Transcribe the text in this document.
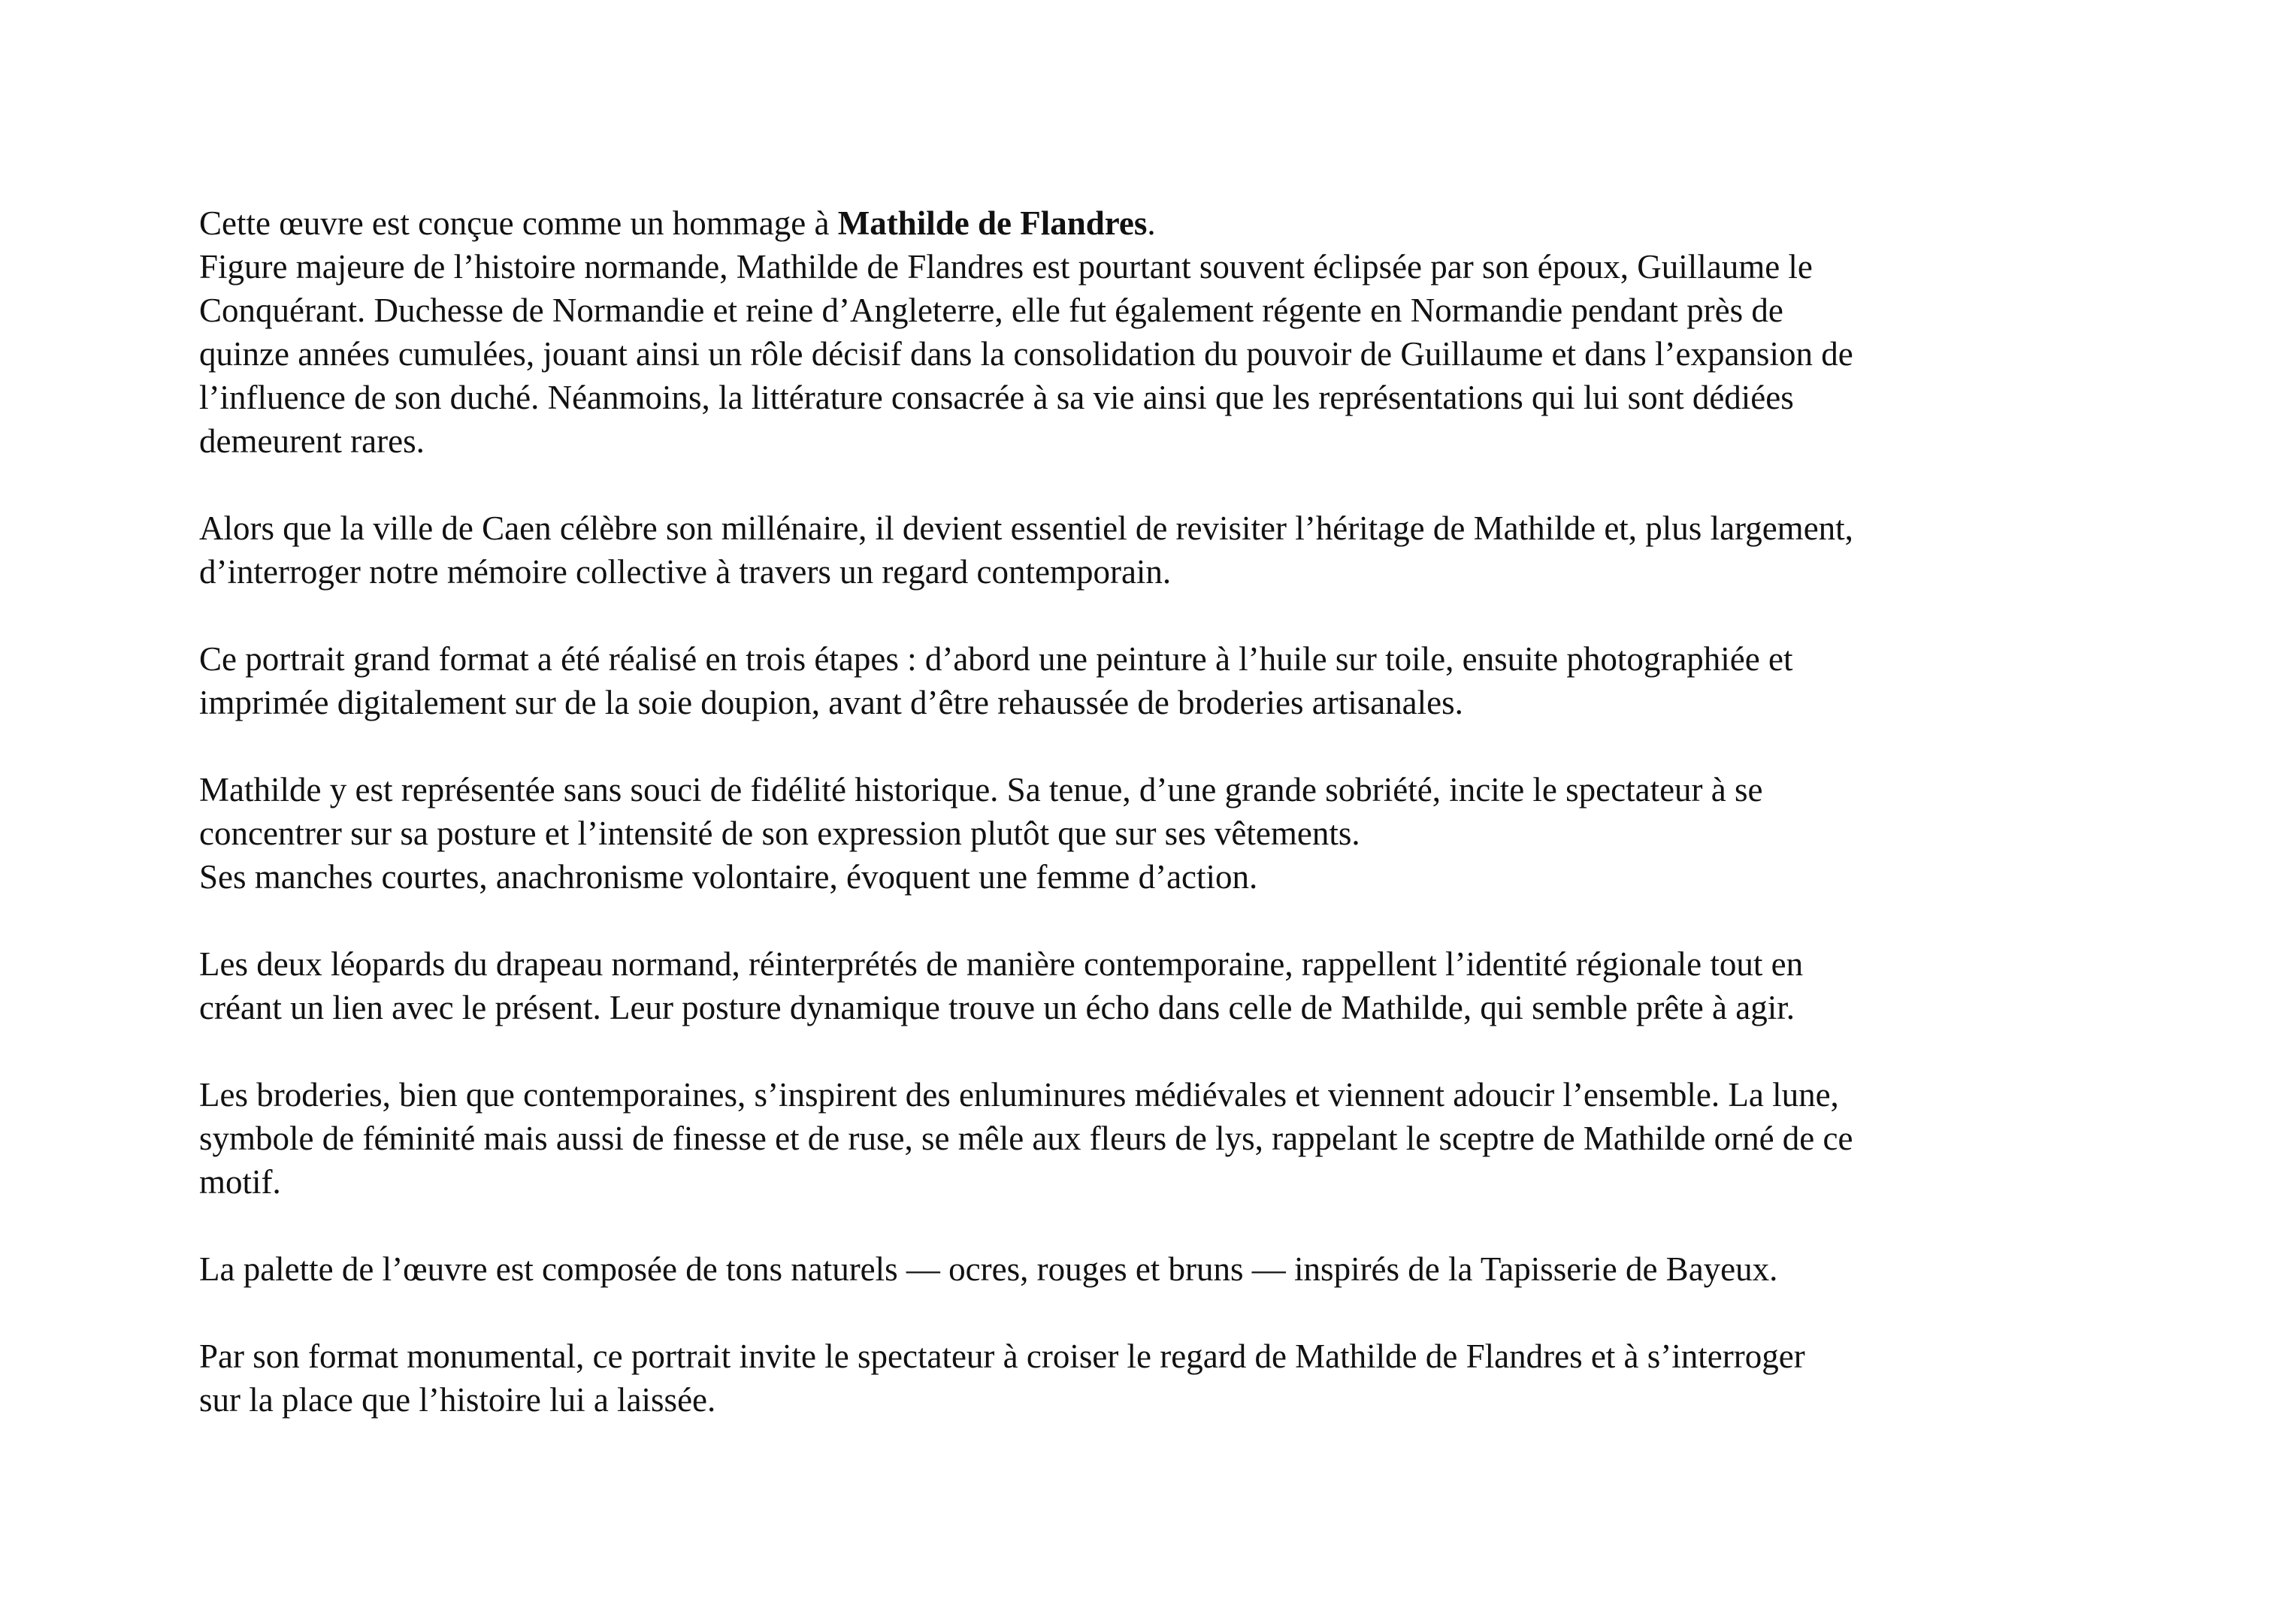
Cette œuvre est conçue comme un hommage à Mathilde de Flandres.
Figure majeure de l’histoire normande, Mathilde de Flandres est pourtant souvent éclipsée par son époux, Guillaume le
Conquérant. Duchesse de Normandie et reine d’Angleterre, elle fut également régente en Normandie pendant près de
quinze années cumulées, jouant ainsi un rôle décisif dans la consolidation du pouvoir de Guillaume et dans l’expansion de
l’influence de son duché. Néanmoins, la littérature consacrée à sa vie ainsi que les représentations qui lui sont dédiées
demeurent rares.
Alors que la ville de Caen célèbre son millénaire, il devient essentiel de revisiter l’héritage de Mathilde et, plus largement,
d’interroger notre mémoire collective à travers un regard contemporain.
Ce portrait grand format a été réalisé en trois étapes : d’abord une peinture à l’huile sur toile, ensuite photographiée et
imprimée digitalement sur de la soie doupion, avant d’être rehaussée de broderies artisanales.
Mathilde y est représentée sans souci de fidélité historique. Sa tenue, d’une grande sobriété, incite le spectateur à se
concentrer sur sa posture et l’intensité de son expression plutôt que sur ses vêtements.
Ses manches courtes, anachronisme volontaire, évoquent une femme d’action.
Les deux léopards du drapeau normand, réinterprétés de manière contemporaine, rappellent l’identité régionale tout en
créant un lien avec le présent. Leur posture dynamique trouve un écho dans celle de Mathilde, qui semble prête à agir.
Les broderies, bien que contemporaines, s’inspirent des enluminures médiévales et viennent adoucir l’ensemble. La lune,
symbole de féminité mais aussi de finesse et de ruse, se mêle aux fleurs de lys, rappelant le sceptre de Mathilde orné de ce
motif.
La palette de l’œuvre est composée de tons naturels — ocres, rouges et bruns — inspirés de la Tapisserie de Bayeux.
Par son format monumental, ce portrait invite le spectateur à croiser le regard de Mathilde de Flandres et à s’interroger
sur la place que l’histoire lui a laissée.
